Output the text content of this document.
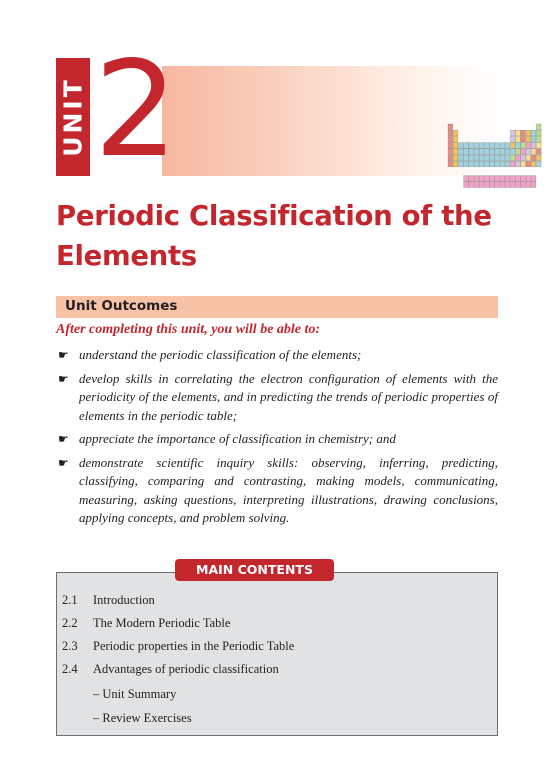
UNIT 2
Periodic Classification of the
Elements
Unit Outcomes
After completing this unit, you will be able to:
☛ understand the periodic classification of the elements;
☛ develop skills in correlating the electron configuration of elements with the periodicity of the elements, and in predicting the trends of periodic properties of elements in the periodic table;
☛ appreciate the importance of classification in chemistry; and
☛ demonstrate scientific inquiry skills: observing, inferring, predicting, classifying, comparing and contrasting, making models, communicating, measuring, asking questions, interpreting illustrations, drawing conclusions, applying concepts, and problem solving.
MAIN CONTENTS
2.1 Introduction
2.2 The Modern Periodic Table
2.3 Periodic properties in the Periodic Table
2.4 Advantages of periodic classification
– Unit Summary
– Review Exercises
